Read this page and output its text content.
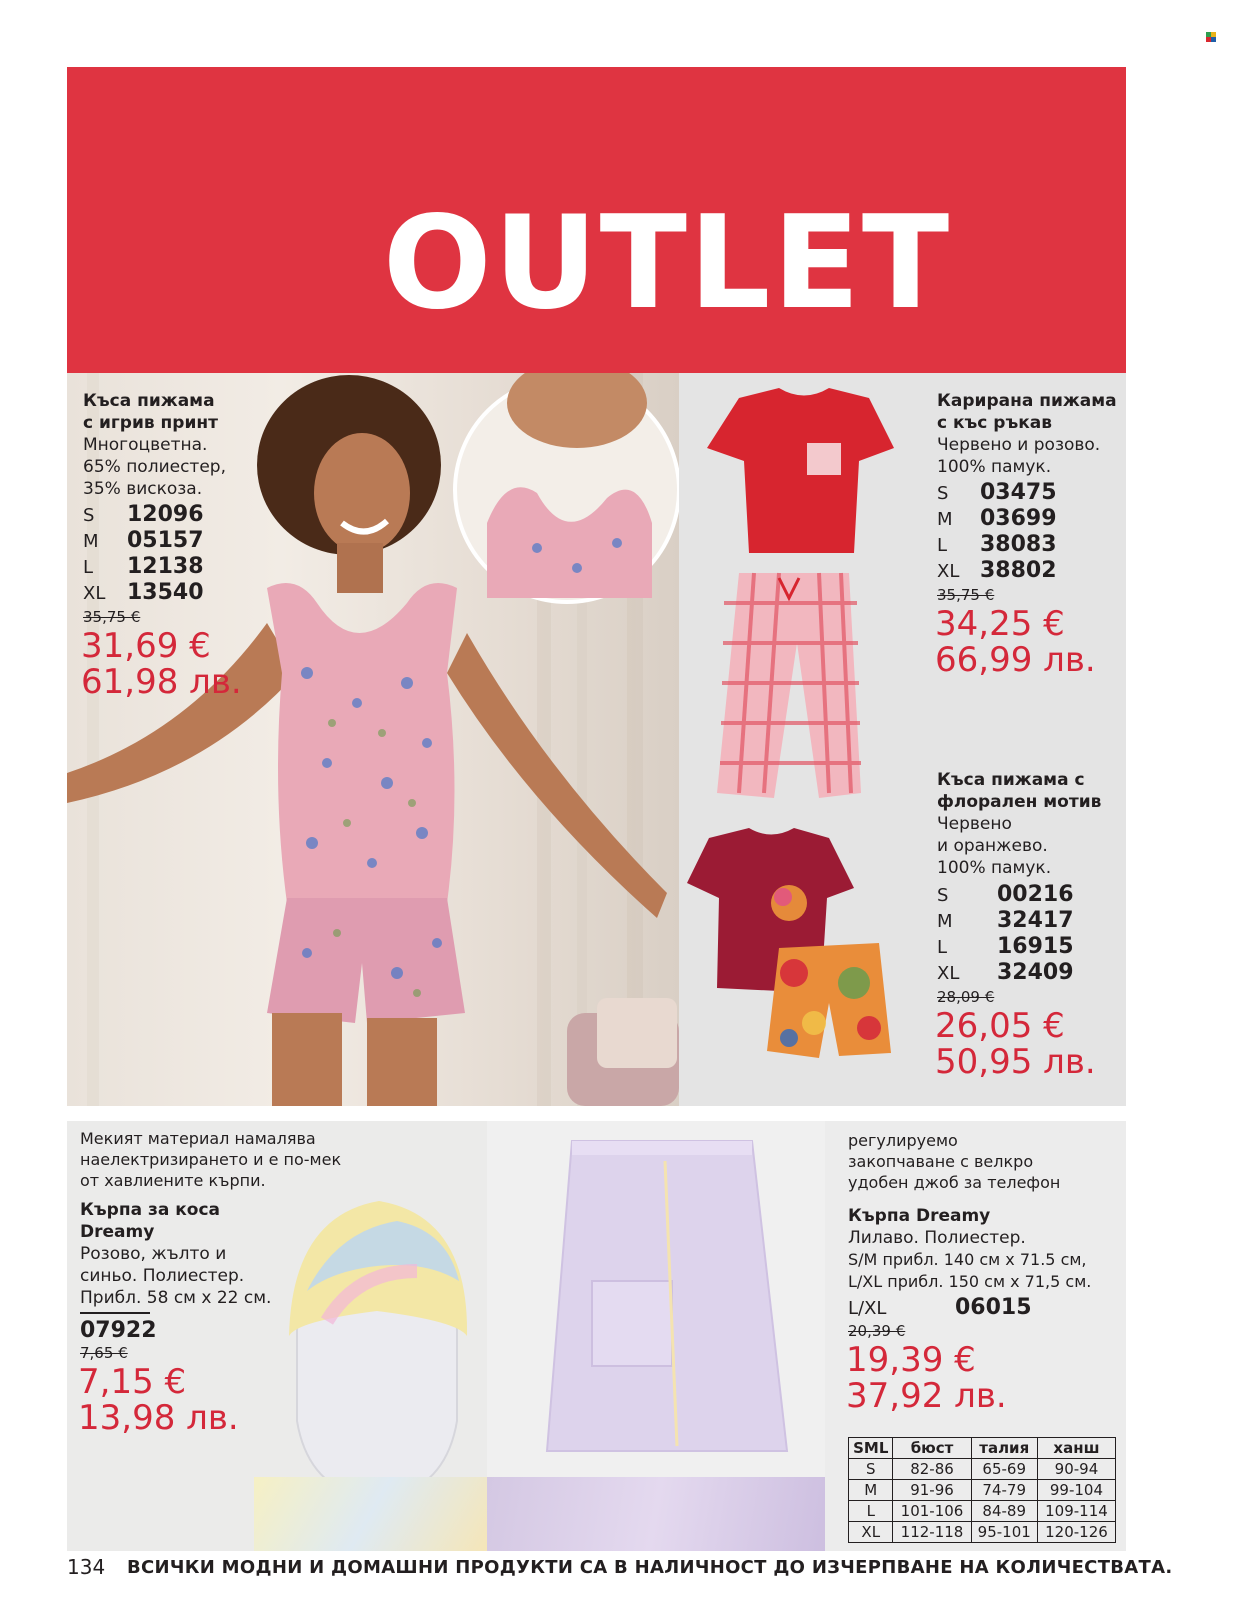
OUTLET
Къса пижама
с игрив принт
Многоцветна.
65% полиестер,
35% вискоза.
S 12096
M 05157
L 12138
XL 13540
35,75 €
31,69 €
61,98 лв.
Карирана пижама
с къс ръкав
Червено и розово.
100% памук.
S 03475
M 03699
L 38083
XL 38802
35,75 €
34,25 €
66,99 лв.
Къса пижама с
флорален мотив
Червено
и оранжево.
100% памук.
S 00216
M 32417
L 16915
XL 32409
28,09 €
26,05 €
50,95 лв.
Мекият материал намалява
наелектризирането и е по-мек
от хавлиените кърпи.
Кърпа за коса
Dreamy
Розово, жълто и
синьо. Полиестер.
Прибл. 58 см х 22 см.
07922
7,65 €
7,15 €
13,98 лв.
регулируемо
закопчаване с велкро
удобен джоб за телефон
Кърпа Dreamy
Лилаво. Полиестер.
S/M прибл. 140 см х 71.5 см,
L/XL прибл. 150 см х 71,5 см.
L/XL	06015
20,39 €
19,39 €
37,92 лв.
SML	бюст	талия	ханш
S	82-86	65-69	90-94
M	91-96	74-79	99-104
L	101-106	84-89	109-114
XL	112-118	95-101	120-126
134 ВСИЧКИ МОДНИ И ДОМАШНИ ПРОДУКТИ СА В НАЛИЧНОСТ ДО ИЗЧЕРПВАНЕ НА КОЛИЧЕСТВАТА.
